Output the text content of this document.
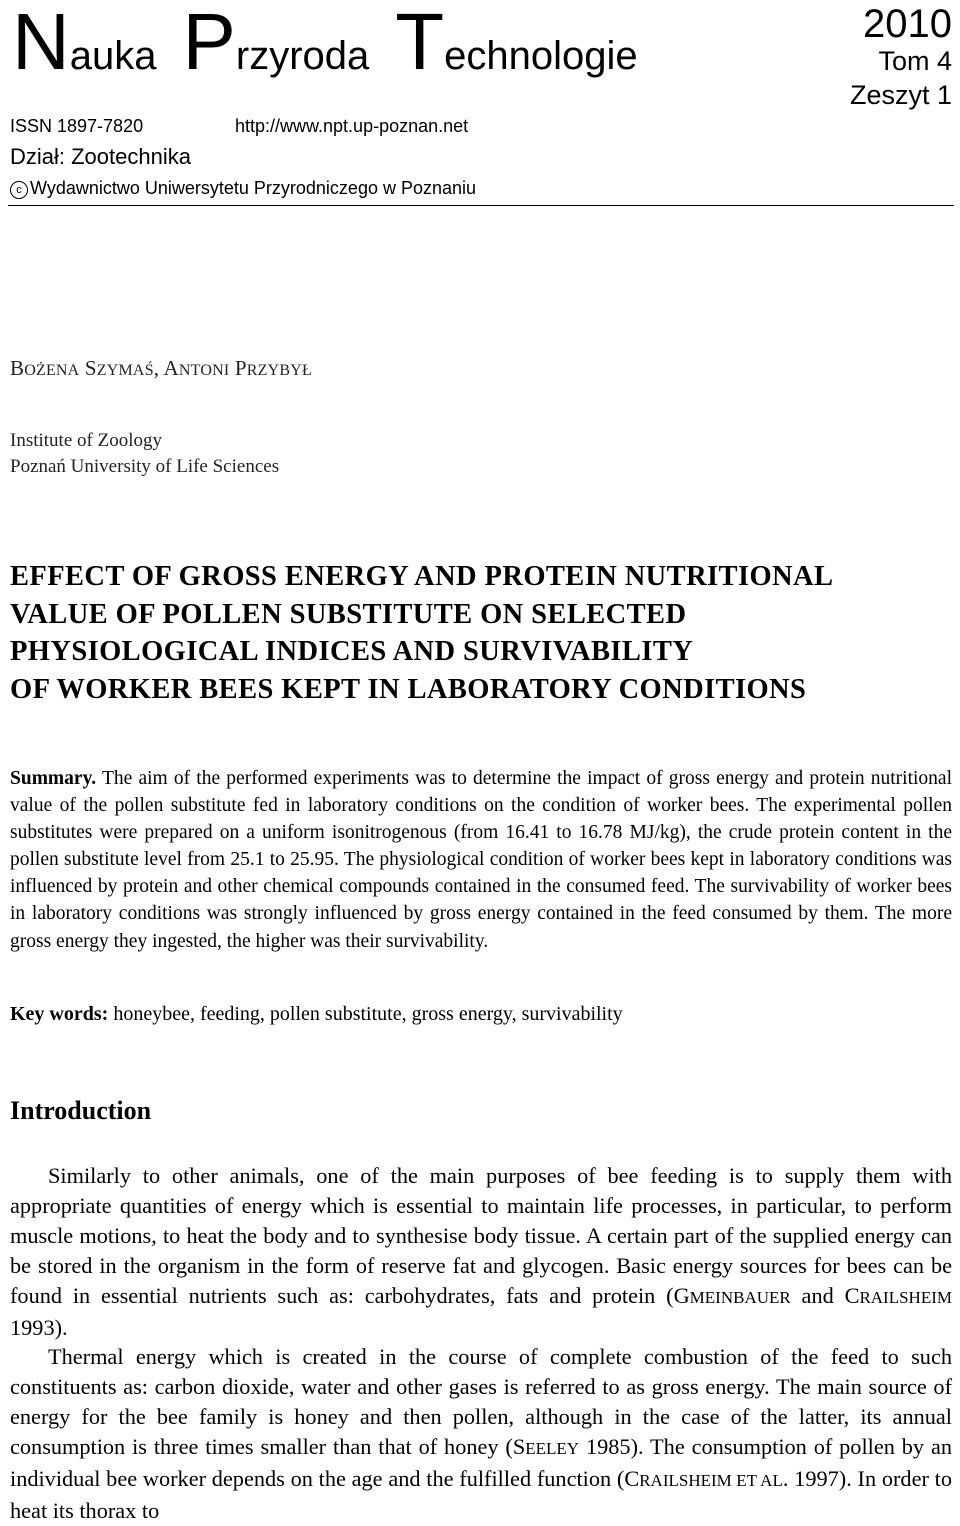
Nauka Przyroda Technologie
2010
Tom 4
Zeszyt 1
ISSN 1897-7820	http://www.npt.up-poznan.net
Dział: Zootechnika
c Wydawnictwo Uniwersytetu Przyrodniczego w Poznaniu
BOŻENA SZYMAŚ, ANTONI PRZYBYŁ
Institute of Zoology
Poznań University of Life Sciences
EFFECT OF GROSS ENERGY AND PROTEIN NUTRITIONAL
VALUE OF POLLEN SUBSTITUTE ON SELECTED
PHYSIOLOGICAL INDICES AND SURVIVABILITY
OF WORKER BEES KEPT IN LABORATORY CONDITIONS
Summary. The aim of the performed experiments was to determine the impact of gross energy and protein nutritional value of the pollen substitute fed in laboratory conditions on the condition of worker bees. The experimental pollen substitutes were prepared on a uniform isonitrogenous (from 16.41 to 16.78 MJ/kg), the crude protein content in the pollen substitute level from 25.1 to 25.95. The physiological condition of worker bees kept in laboratory conditions was influenced by protein and other chemical compounds contained in the consumed feed. The survivability of worker bees in laboratory conditions was strongly influenced by gross energy contained in the feed consumed by them. The more gross energy they ingested, the higher was their survivability.
Key words: honeybee, feeding, pollen substitute, gross energy, survivability
Introduction

Similarly to other animals, one of the main purposes of bee feeding is to supply them with appropriate quantities of energy which is essential to maintain life processes, in particular, to perform muscle motions, to heat the body and to synthesise body tissue. A certain part of the supplied energy can be stored in the organism in the form of reserve fat and glycogen. Basic energy sources for bees can be found in essential nutrients such as: carbohydrates, fats and protein (GMEINBAUER and CRAILSHEIM 1993).

Thermal energy which is created in the course of complete combustion of the feed to such constituents as: carbon dioxide, water and other gases is referred to as gross energy. The main source of energy for the bee family is honey and then pollen, although in the case of the latter, its annual consumption is three times smaller than that of honey (SEELEY 1985). The consumption of pollen by an individual bee worker depends on the age and the fulfilled function (CRAILSHEIM ET AL. 1997). In order to heat its thorax to
